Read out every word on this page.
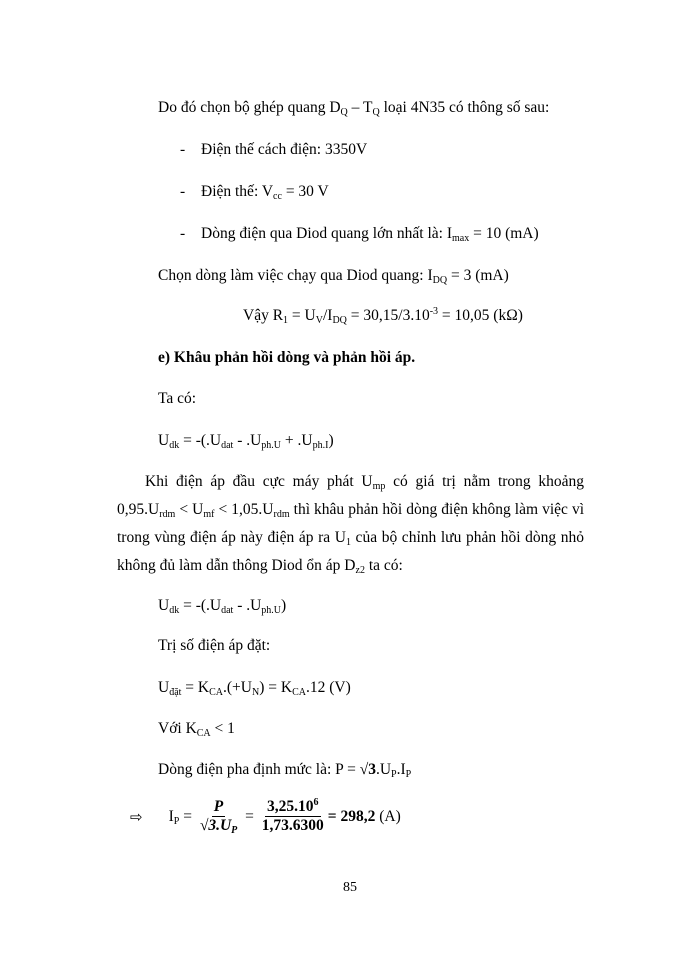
Do đó chọn bộ ghép quang $D_Q - T_Q$ loại 4N35 có thông số sau:
- Điện thế cách điện: 3350V
- Điện thế: $V_{cc} = 30$ V
- Dòng điện qua Diod quang lớn nhất là: $I_{max} = 10$ (mA)
Chọn dòng làm việc chạy qua Diod quang: $I_{DQ} = 3$ (mA)
Vậy $R_1 = U_V/I_{DQ} = 30,15/3.10^{-3} = 10,05$ (kΩ)
e) Khâu phản hồi dòng và phản hồi áp.
Ta có:
$U_{dk} = -(.U_{dat} - .U_{ph.U} + .U_{ph.I})$
Khi điện áp đầu cực máy phát $U_{mp}$ có giá trị nằm trong khoảng
$0,95.U_{rdm} < U_{mf} < 1,05.U_{rdm}$ thì khâu phản hồi dòng điện không làm việc vì
trong vùng điện áp này điện áp ra $U_1$ của bộ chỉnh lưu phản hồi dòng nhỏ
không đủ làm dẫn thông Diod ổn áp $D_{z2}$ ta có:
$U_{dk} = -(.U_{dat} - .U_{ph.U})$
Trị số điện áp đặt:
$U_{đặt} = K_{CA}.(+U_N) = K_{CA}.12$ (V)
Với $K_{CA} < 1$
Dòng điện pha định mức là: $P = √3.U_P.I_P$
⇨ $I_P = \frac{P}{√3.U_P} = \frac{3,25.10^6}{1,73.6300} = 298,2$ (A)
85
